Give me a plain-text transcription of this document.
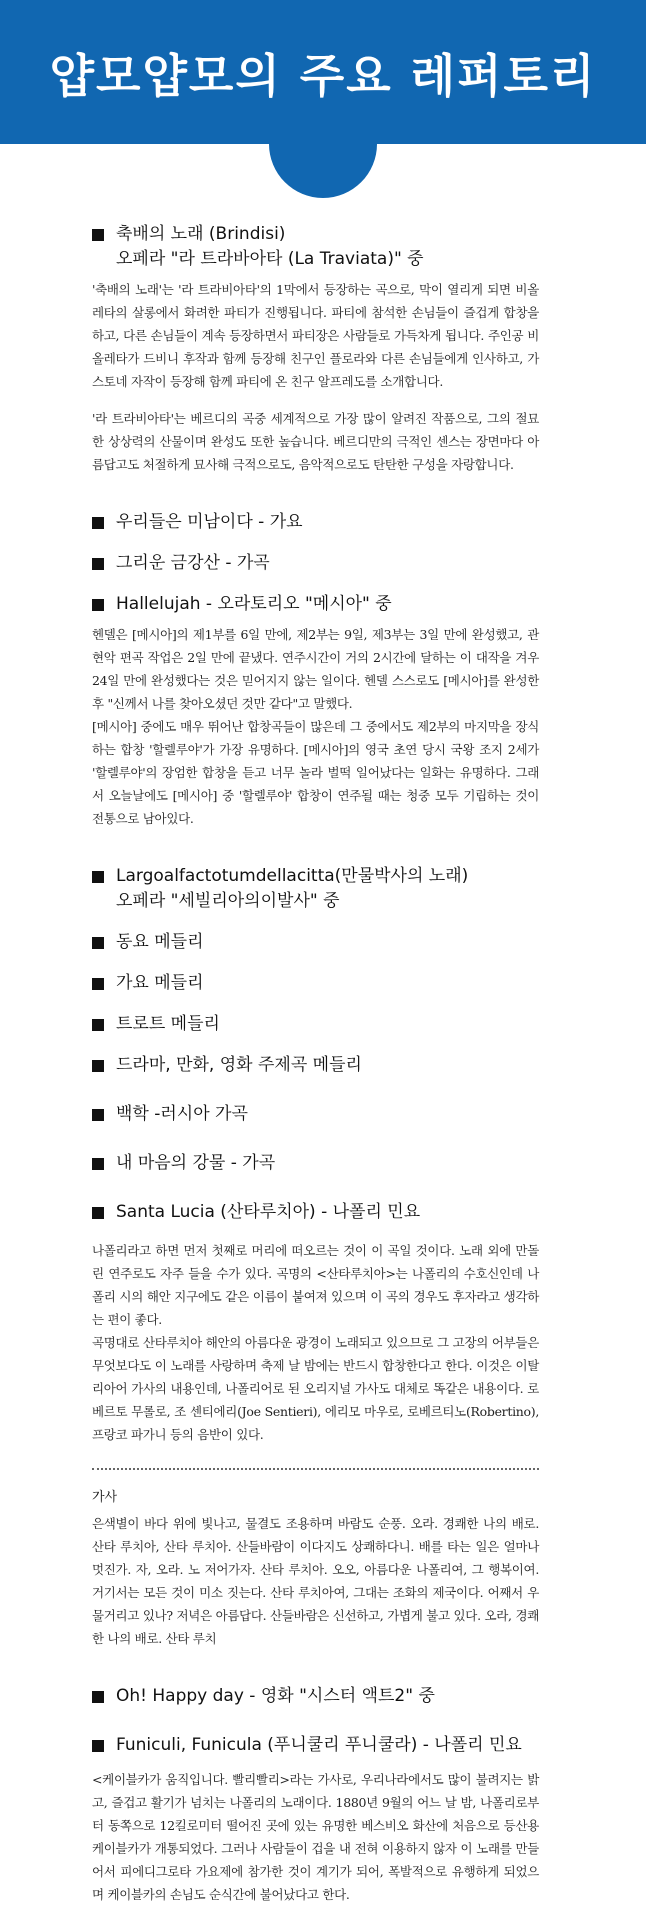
얍모얍모의 주요 레퍼토리
축배의 노래 (Brindisi)
오페라 "라 트라바아타 (La Traviata)" 중

'축배의 노래'는 '라 트라비아타'의 1막에서 등장하는 곡으로, 막이 열리게 되면 비올레타의 살롱에서 화려한 파티가 진행됩니다. 파티에 참석한 손님들이 즐겁게 합창을 하고, 다른 손님들이 계속 등장하면서 파티장은 사람들로 가득차게 됩니다. 주인공 비올레타가 드비니 후작과 함께 등장해 친구인 플로라와 다른 손님들에게 인사하고, 가스토네 자작이 등장해 함께 파티에 온 친구 알프레도를 소개합니다.

'라 트라비아타'는 베르디의 곡중 세계적으로 가장 많이 알려진 작품으로, 그의 절묘한 상상력의 산물이며 완성도 또한 높습니다. 베르디만의 극적인 센스는 장면마다 아름답고도 처절하게 묘사해 극적으로도, 음악적으로도 탄탄한 구성을 자랑합니다.

우리들은 미남이다 - 가요
그리운 금강산 - 가곡
Hallelujah - 오라토리오 "메시아" 중

헨델은 [메시아]의 제1부를 6일 만에, 제2부는 9일, 제3부는 3일 만에 완성했고, 관현악 편곡 작업은 2일 만에 끝냈다. 연주시간이 거의 2시간에 달하는 이 대작을 겨우 24일 만에 완성했다는 것은 믿어지지 않는 일이다. 헨델 스스로도 [메시아]를 완성한 후 "신께서 나를 찾아오셨던 것만 같다"고 말했다.

[메시아] 중에도 매우 뛰어난 합창곡들이 많은데 그 중에서도 제2부의 마지막을 장식하는 합창 '할렐루야'가 가장 유명하다. [메시아]의 영국 초연 당시 국왕 조지 2세가 '할렐루야'의 장엄한 합창을 듣고 너무 놀라 벌떡 일어났다는 일화는 유명하다. 그래서 오늘날에도 [메시아] 중 '할렐루야' 합창이 연주될 때는 청중 모두 기립하는 것이 전통으로 남아있다.

Largoalfactotumdellacitta(만물박사의 노래)
오페라 "세빌리아의이발사" 중
동요 메들리
가요 메들리
트로트 메들리
드라마, 만화, 영화 주제곡 메들리
백학 -러시아 가곡
내 마음의 강물 - 가곡
Santa Lucia (산타루치아) - 나폴리 민요

나폴리라고 하면 먼저 첫째로 머리에 떠오르는 것이 이 곡일 것이다. 노래 외에 만돌린 연주로도 자주 들을 수가 있다. 곡명의 <산타루치아>는 나폴리의 수호신인데 나폴리 시의 해안 지구에도 같은 이름이 붙여져 있으며 이 곡의 경우도 후자라고 생각하는 편이 좋다.

곡명대로 산타루치아 해안의 아름다운 광경이 노래되고 있으므로 그 고장의 어부들은 무엇보다도 이 노래를 사랑하며 축제 날 밤에는 반드시 합창한다고 한다. 이것은 이탈리아어 가사의 내용인데, 나폴리어로 된 오리지널 가사도 대체로 똑같은 내용이다. 로베르토 무롤로, 조 센티에리(Joe Sentieri), 에리모 마우로, 로베르티노(Robertino), 프랑코 파가니 등의 음반이 있다.

가사

은색별이 바다 위에 빛나고, 물결도 조용하며 바람도 순풍. 오라. 경쾌한 나의 배로. 산타 루치아, 산타 루치아. 산들바람이 이다지도 상쾌하다니. 배를 타는 일은 얼마나 멋진가. 자, 오라. 노 저어가자. 산타 루치아. 오오, 아름다운 나폴리여, 그 행복이여. 거기서는 모든 것이 미소 짓는다. 산타 루치아여, 그대는 조화의 제국이다. 어째서 우물거리고 있나? 저녁은 아름답다. 산들바람은 신선하고, 가볍게 불고 있다. 오라, 경쾌한 나의 배로. 산타 루치

Oh! Happy day - 영화 "시스터 액트2" 중
Funiculi, Funicula (푸니쿨리 푸니쿨라) - 나폴리 민요

<케이블카가 움직입니다. 빨리빨리>라는 가사로, 우리나라에서도 많이 불려지는 밝고, 즐겁고 활기가 넘치는 나폴리의 노래이다. 1880년 9월의 어느 날 밤, 나폴리로부터 동쪽으로 12킬로미터 떨어진 곳에 있는 유명한 베스비오 화산에 처음으로 등산용 케이블카가 개통되었다. 그러나 사람들이 겁을 내 전혀 이용하지 않자 이 노래를 만들어서 피에디그로타 가요제에 참가한 것이 계기가 되어, 폭발적으로 유행하게 되었으며 케이블카의 손님도 순식간에 불어났다고 한다.
